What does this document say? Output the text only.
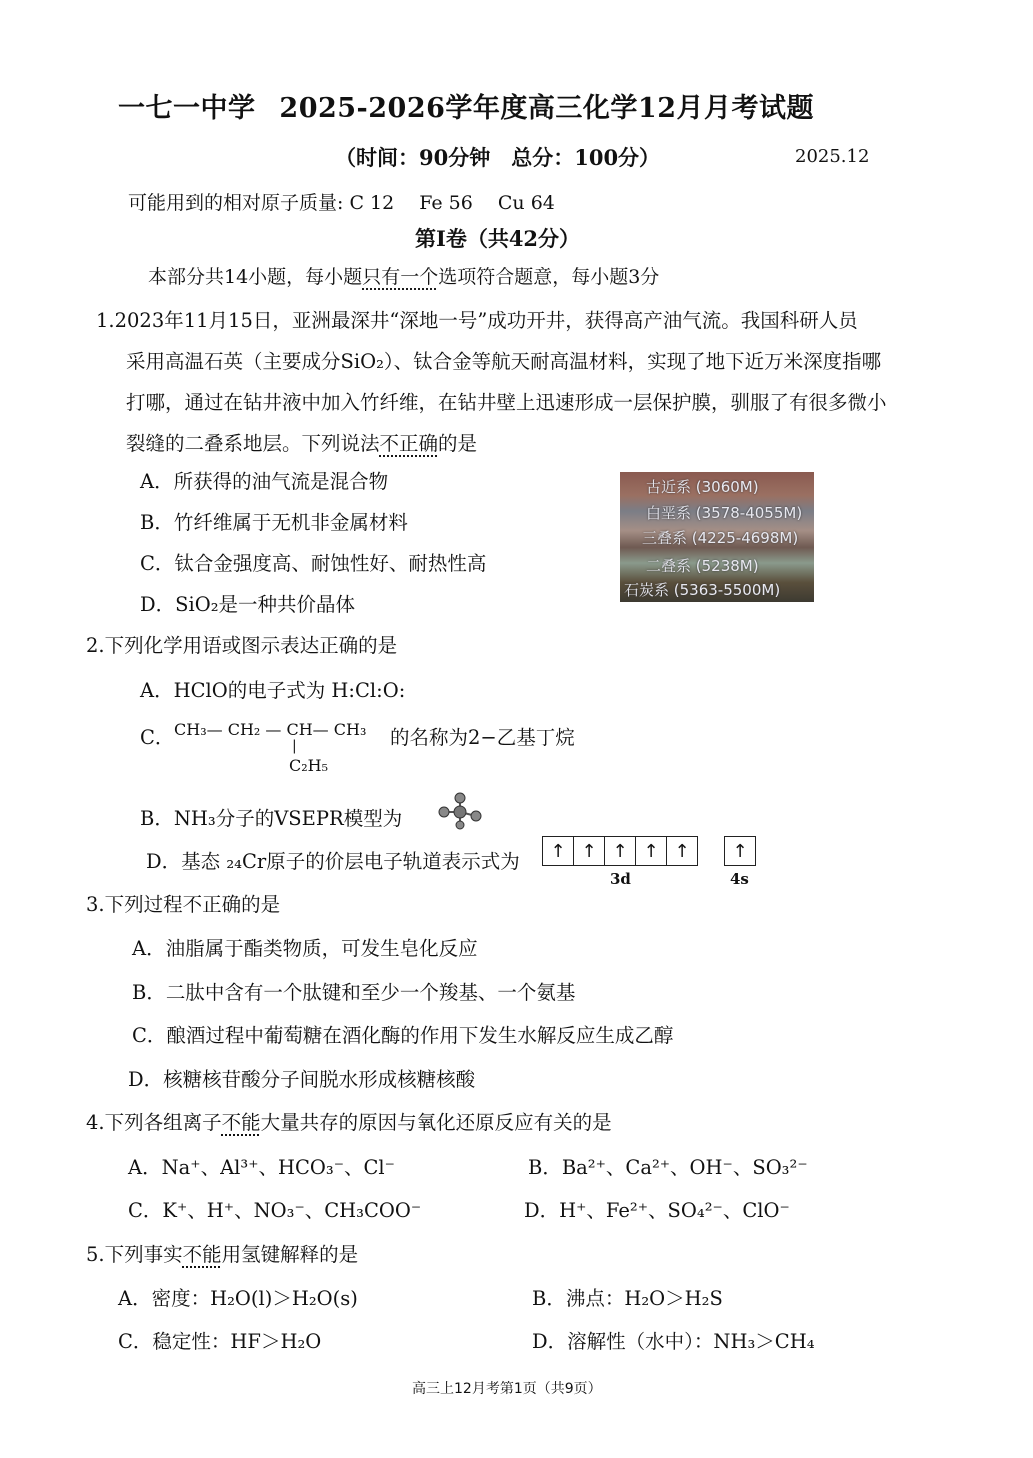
一七一中学 2025-2026学年度高三化学12月月考试题
（时间：90分钟　总分：100分）	2025.12
可能用到的相对原子质量: C 12　 Fe 56　 Cu 64
第Ⅰ卷（共42分）
本部分共14小题，每小题只有一个选项符合题意，每小题3分
1.2023年11月15日，亚洲最深井“深地一号”成功开井，获得高产油气流。我国科研人员
采用高温石英（主要成分SiO₂）、钛合金等航天耐高温材料，实现了地下近万米深度指哪
打哪，通过在钻井液中加入竹纤维，在钻井壁上迅速形成一层保护膜，驯服了有很多微小
裂缝的二叠系地层。下列说法不正确的是
A．所获得的油气流是混合物
B．竹纤维属于无机非金属材料
C．钛合金强度高、耐蚀性好、耐热性高
D．SiO₂是一种共价晶体
古近系 (3060M)
白垩系 (3578-4055M)
三叠系 (4225-4698M)
二叠系 (5238M)
石炭系 (5363-5500M)
2.下列化学用语或图示表达正确的是
A．HClO的电子式为 H:Cl:O:
C． CH₃— CH₂ — CH— CH₃
|
C₂H₅
的名称为2−乙基丁烷
B．NH₃分子的VSEPR模型为
D．基态 ₂₄Cr原子的价层电子轨道表示式为	↑ ↑ ↑ ↑ ↑	↑
3d	4s
3.下列过程不正确的是
A．油脂属于酯类物质，可发生皂化反应
B．二肽中含有一个肽键和至少一个羧基、一个氨基
C．酿酒过程中葡萄糖在酒化酶的作用下发生水解反应生成乙醇
D．核糖核苷酸分子间脱水形成核糖核酸
4.下列各组离子不能大量共存的原因与氧化还原反应有关的是
A．Na⁺、Al³⁺、HCO₃⁻、Cl⁻	B．Ba²⁺、Ca²⁺、OH⁻、SO₃²⁻
C．K⁺、H⁺、NO₃⁻、CH₃COO⁻	D．H⁺、Fe²⁺、SO₄²⁻、ClO⁻
5.下列事实不能用氢键解释的是
A．密度：H₂O(l)＞H₂O(s)	B．沸点：H₂O＞H₂S
C．稳定性：HF＞H₂O	D．溶解性（水中）：NH₃＞CH₄
高三上12月考第1页（共9页）
